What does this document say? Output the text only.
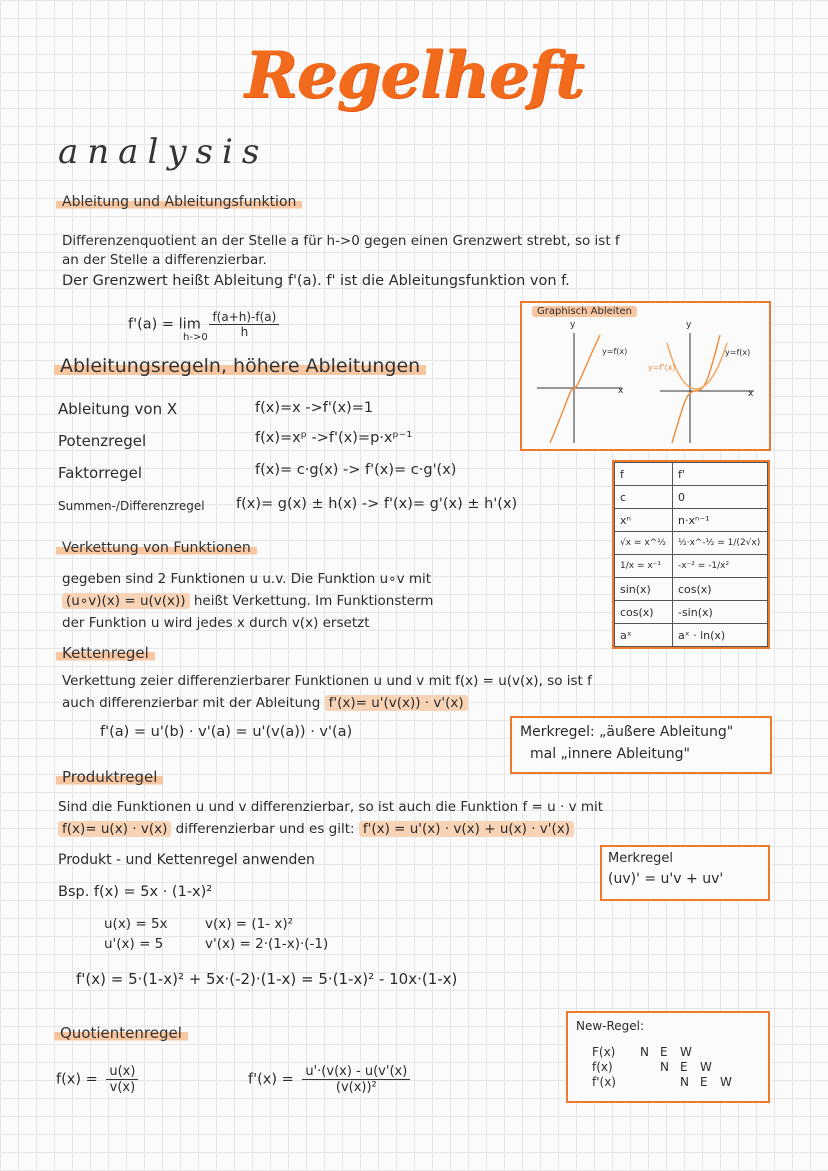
Regelheft
analysis
Ableitung und Ableitungsfunktion
Differenzenquotient an der Stelle a für h->0 gegen einen Grenzwert strebt, so ist f
an der Stelle a differenzierbar.
Der Grenzwert heißt Ableitung f'(a). f' ist die Ableitungsfunktion von f.
$f'(a) = \lim \frac{f(a+h)-f(a)}{h}$
h->0
Graphisch Ableiten
y
x
y=f(x)
y
x
y=f(x)
y=f'(x)
Ableitungsregeln, höhere Ableitungen
Ableitung von X	f(x)=x ->f'(x)=1
Potenzregel	f(x)=xᵖ ->f'(x)=p·xᵖ⁻¹
Faktorregel	f(x)= c·g(x) -> f'(x)= c·g'(x)
Summen-/Differenzregel f(x)= g(x) ± h(x) -> f'(x)= g'(x) ± h'(x)
f	f'
c	0
xⁿ	n·xⁿ⁻¹
√x = x^½	½·x^-½ = 1/(2√x)
1/x = x⁻¹	-x⁻² = -1/x²
sin(x)	cos(x)
cos(x)	-sin(x)
aˣ	aˣ · ln(x)
Verkettung von Funktionen
gegeben sind 2 Funktionen u u.v. Die Funktion u∘v mit
(u∘v)(x) = u(v(x)) heißt Verkettung. Im Funktionsterm
der Funktion u wird jedes x durch v(x) ersetzt
Kettenregel
Verkettung zeier differenzierbarer Funktionen u und v mit f(x) = u(v(x), so ist f
auch differenzierbar mit der Ableitung f'(x)= u'(v(x)) · v'(x)
f'(a) = u'(b) · v'(a) = u'(v(a)) · v'(a)	Merkregel: „äußere Ableitung"
mal „innere Ableitung"
Produktregel
Sind die Funktionen u und v differenzierbar, so ist auch die Funktion f = u · v mit
f(x)= u(x) · v(x) differenzierbar und es gilt: f'(x) = u'(x) · v(x) + u(x) · v'(x)
Produkt - und Kettenregel anwenden	Merkregel
(uv)' = u'v + uv'
Bsp. f(x) = 5x · (1-x)²
u(x) = 5x	v(x) = (1- x)²
u'(x) = 5	v'(x) = 2·(1-x)·(-1)
f'(x) = 5·(1-x)² + 5x·(-2)·(1-x) = 5·(1-x)² - 10x·(1-x)
Quotientenregel
$f(x) = \frac{u(x)}{v(x)}$	$f'(x) = \frac{u'\cdot(v(x) - u(v'(x)}{\text{(v(x))²}}$
New-Regel:
F(x) N E W
f(x)	N E W
f'(x)	N E W
